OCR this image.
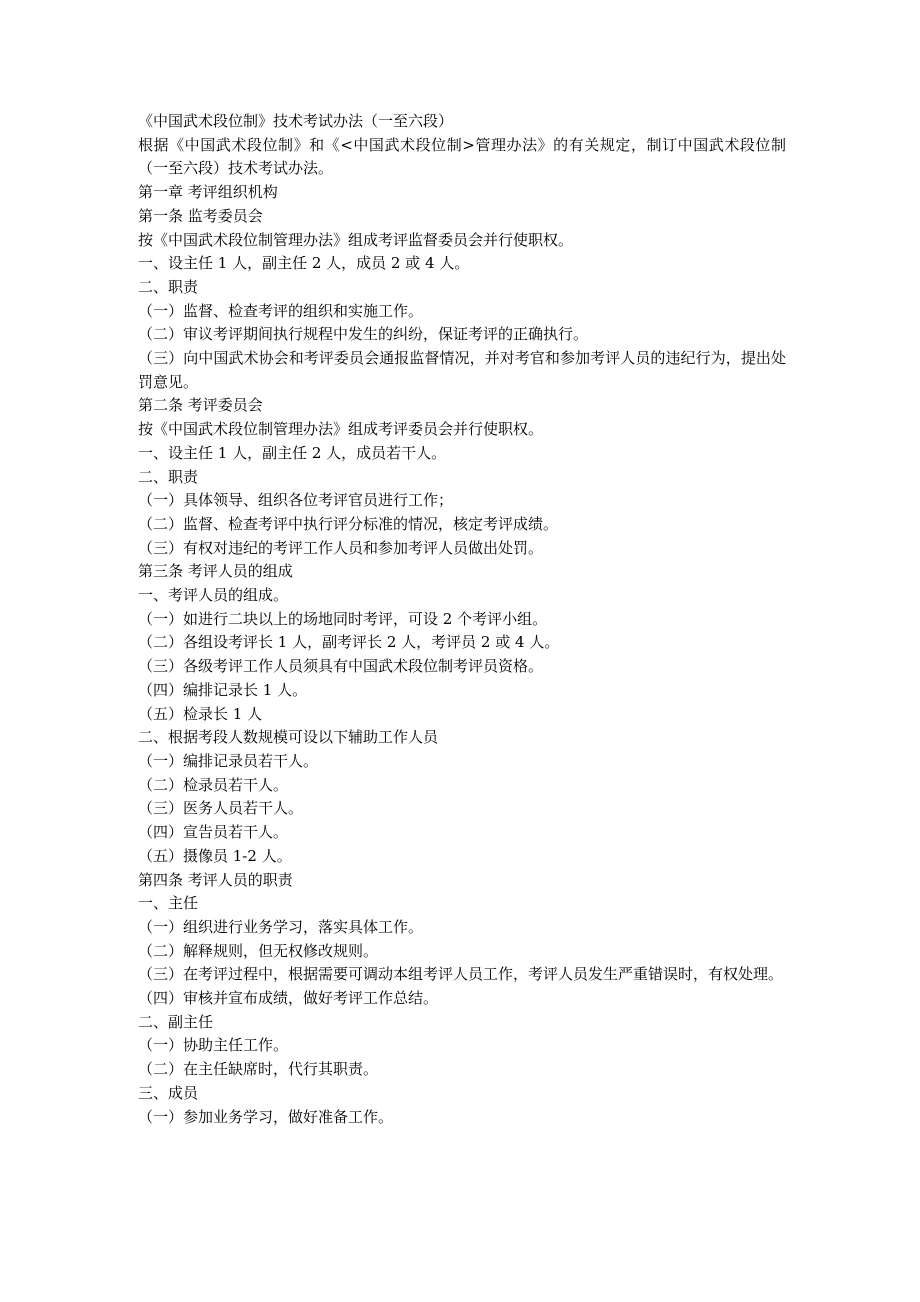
《中国武术段位制》技术考试办法（一至六段）

根据《中国武术段位制》和《<中国武术段位制>管理办法》的有关规定，制订中国武术段位制（一至六段）技术考试办法。

第一章 考评组织机构

第一条 监考委员会

按《中国武术段位制管理办法》组成考评监督委员会并行使职权。

一、设主任 1 人，副主任 2 人，成员 2 或 4 人。

二、职责

（一）监督、检查考评的组织和实施工作。

（二）审议考评期间执行规程中发生的纠纷，保证考评的正确执行。

（三）向中国武术协会和考评委员会通报监督情况，并对考官和参加考评人员的违纪行为，提出处罚意见。

第二条 考评委员会

按《中国武术段位制管理办法》组成考评委员会并行使职权。

一、设主任 1 人，副主任 2 人，成员若干人。

二、职责

（一）具体领导、组织各位考评官员进行工作；

（二）监督、检查考评中执行评分标准的情况，核定考评成绩。

（三）有权对违纪的考评工作人员和参加考评人员做出处罚。

第三条 考评人员的组成

一、考评人员的组成。

（一）如进行二块以上的场地同时考评，可设 2 个考评小组。

（二）各组设考评长 1 人，副考评长 2 人，考评员 2 或 4 人。

（三）各级考评工作人员须具有中国武术段位制考评员资格。

（四）编排记录长 1 人。

（五）检录长 1 人

二、根据考段人数规模可设以下辅助工作人员

（一）编排记录员若干人。

（二）检录员若干人。

（三）医务人员若干人。

（四）宣告员若干人。

（五）摄像员 1-2 人。

第四条 考评人员的职责

一、主任

（一）组织进行业务学习，落实具体工作。

（二）解释规则，但无权修改规则。

（三）在考评过程中，根据需要可调动本组考评人员工作，考评人员发生严重错误时，有权处理。

（四）审核并宣布成绩，做好考评工作总结。

二、副主任

（一）协助主任工作。

（二）在主任缺席时，代行其职责。

三、成员

（一）参加业务学习，做好准备工作。
